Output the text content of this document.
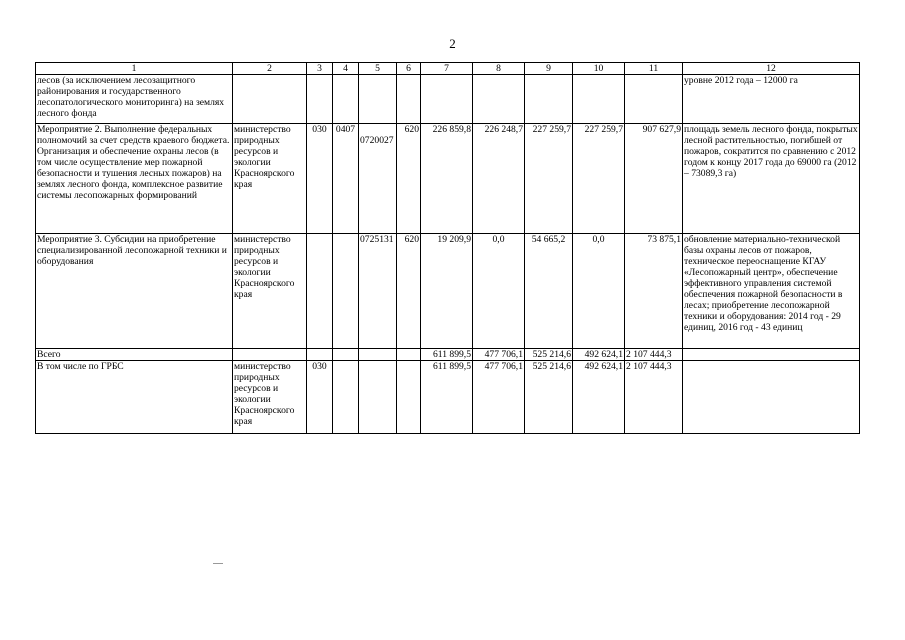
2
1	2	3	4	5	6	7	8	9	10	11	12
лесов (за исключением лесозащитного районирования и государственного лесопатологического мониторинга) на землях лесного фонда											уровне 2012 года – 12000 га
Мероприятие 2. Выполнение федеральных полномочий за счет средств краевого бюджета. Организация и обеспечение охраны лесов (в том числе осуществление мер пожарной безопасности и тушения лесных пожаров) на землях лесного фонда, комплексное развитие системы лесопожарных формирований	министерство природных ресурсов и экологии Красноярского края	030	0407	0720027	620	226 859,8	226 248,7	227 259,7	227 259,7	907 627,9	площадь земель лесного фонда, покрытых лесной растительностью, погибшей от пожаров, сократится по сравнению с 2012 годом к концу 2017 года до 69000 га (2012 – 73089,3 га)
Мероприятие 3. Субсидии на приобретение специализированной лесопожарной техники и оборудования	министерство природных ресурсов и экологии Красноярского края			0725131	620	19 209,9	0,0	54 665,2	0,0	73 875,1	обновление материально-технической базы охраны лесов от пожаров, техническое переоснащение КГАУ «Лесопожарный центр», обеспечение эффективного управления системой обеспечения пожарной безопасности в лесах; приобретение лесопожарной техники и оборудования: 2014 год - 29 единиц, 2016 год - 43 единиц
Всего						611 899,5	477 706,1	525 214,6	492 624,1	2 107 444,3	
В том числе по ГРБС	министерство природных ресурсов и экологии Красноярского края	030				611 899,5	477 706,1	525 214,6	492 624,1	2 107 444,3	
